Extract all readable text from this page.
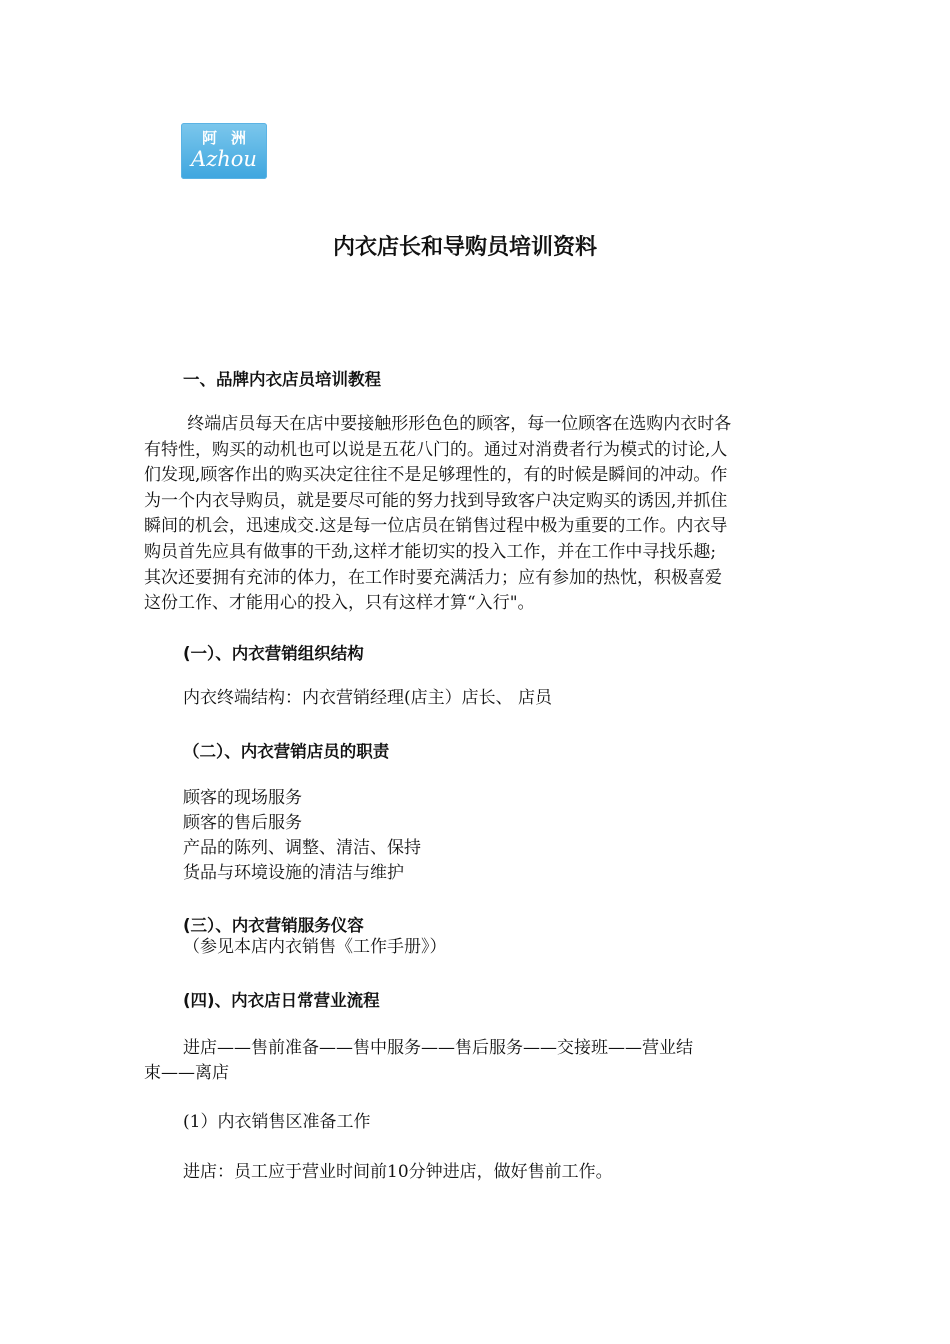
阿洲
Azhou
内衣店长和导购员培训资料
一、品牌内衣店员培训教程
终端店员每天在店中要接触形形色色的顾客，每一位顾客在选购内衣时各
有特性，购买的动机也可以说是五花八门的。通过对消费者行为模式的讨论,人
们发现,顾客作出的购买决定往往不是足够理性的，有的时候是瞬间的冲动。作
为一个内衣导购员，就是要尽可能的努力找到导致客户决定购买的诱因,并抓住
瞬间的机会，迅速成交.这是每一位店员在销售过程中极为重要的工作。内衣导
购员首先应具有做事的干劲,这样才能切实的投入工作，并在工作中寻找乐趣;
其次还要拥有充沛的体力，在工作时要充满活力；应有参加的热忱，积极喜爱
这份工作、才能用心的投入，只有这样才算“入行"。
(一）、内衣营销组织结构
内衣终端结构：内衣营销经理(店主）店长、 店员
（二）、内衣营销店员的职责
顾客的现场服务
顾客的售后服务
产品的陈列、调整、清洁、保持
货品与环境设施的清洁与维护
(三）、内衣营销服务仪容
（参见本店内衣销售《工作手册》）
(四)、内衣店日常营业流程
进店——售前准备——售中服务——售后服务——交接班——营业结
束——离店
(1）内衣销售区准备工作
进店：员工应于营业时间前10分钟进店，做好售前工作。
